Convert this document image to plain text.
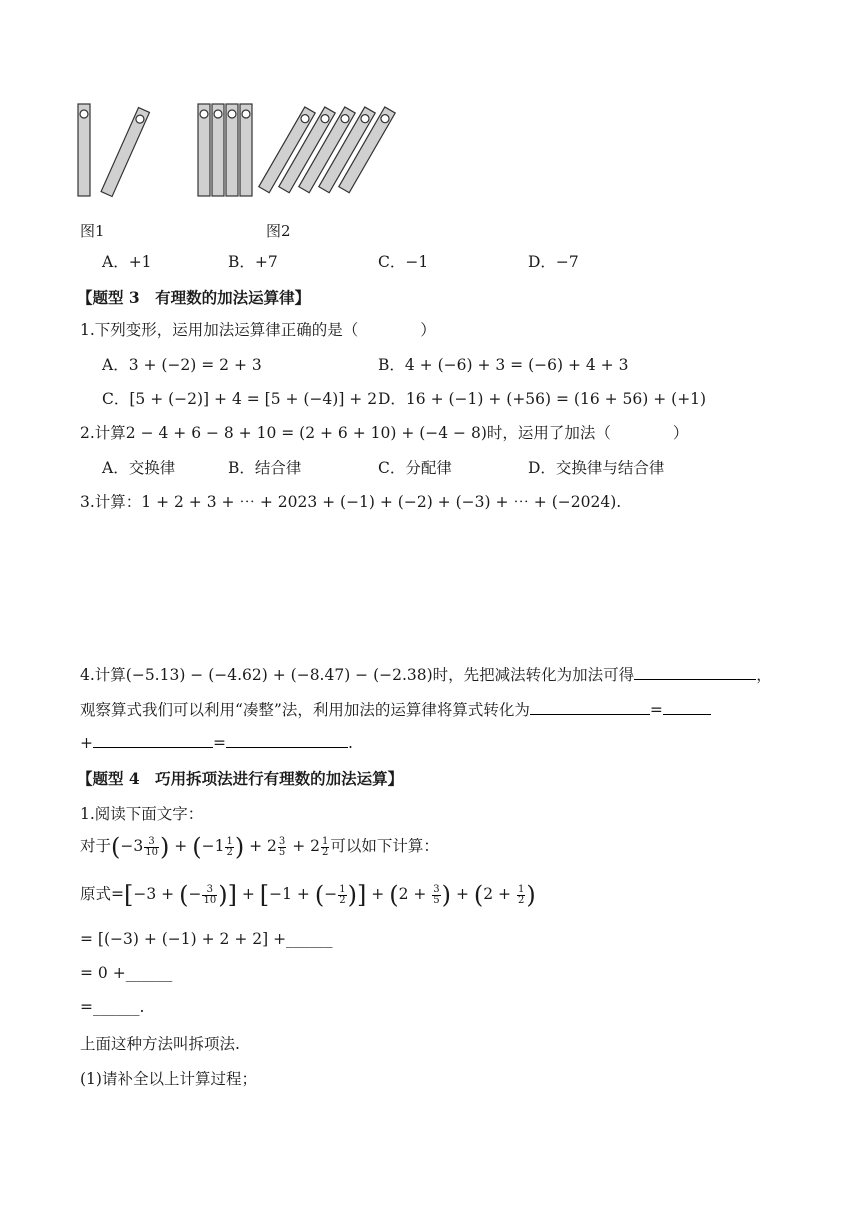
图1	图2
A．+1	B．+7	C．−1	D．−7
【题型 3　有理数的加法运算律】
1.下列变形，运用加法运算律正确的是（　　　　）
A．3 + (−2) = 2 + 3	B．4 + (−6) + 3 = (−6) + 4 + 3
C．[5 + (−2)] + 4 = [5 + (−4)] + 2 D．16 + (−1) + (+56) = (16 + 56) + (+1)
2.计算2 − 4 + 6 − 8 + 10 = (2 + 6 + 10) + (−4 − 8)时，运用了加法（　　　　）
A．交换律	B．结合律	C．分配律	D．交换律与结合律
3.计算：1 + 2 + 3 + ⋯ + 2023 + (−1) + (−2) + (−3) + ⋯ + (−2024).
4.计算(−5.13) − (−4.62) + (−8.47) − (−2.38)时，先把减法转化为加法可得	，
观察算式我们可以利用“凑整”法，利用加法的运算律将算式转化为	=
+	=	.
【题型 4　巧用拆项法进行有理数的加法运算】
1.阅读下面文字：
对于($-3 \frac{3}{10}$ ) + ($-1 \frac{1}{2}$ ) + $2 \frac{3}{5} + 2 \frac{1}{2}$ 可以如下计算：
原式=[−3 + (− $\frac{3}{10}$ )] + [−1 + (− $\frac{1}{2}$ )] + ($2 + \frac{3}{5}$ ) + ($2 + \frac{1}{2}$ )
= [(−3) + (−1) + 2 + 2] +______
= 0 +______
=______.
上面这种方法叫拆项法.
(1)请补全以上计算过程；
